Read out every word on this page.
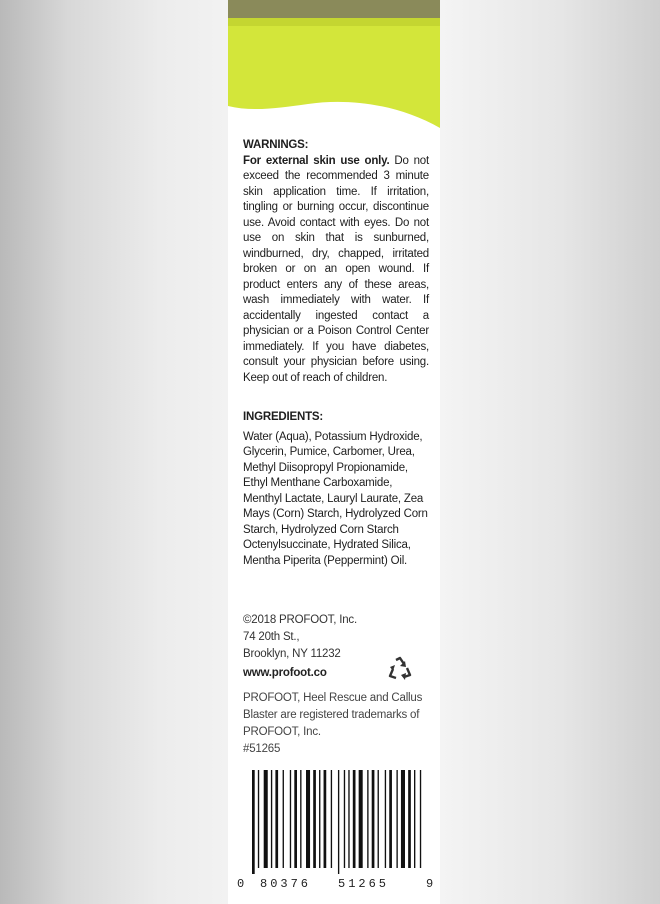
WARNINGS:
For external skin use only. Do not exceed the recommended 3 minute skin application time. If irritation, tingling or burning occur, discontinue use. Avoid contact with eyes. Do not use on skin that is sunburned, windburned, dry, chapped, irritated broken or on an open wound. If product enters any of these areas, wash immediately with water. If accidentally ingested contact a physician or a Poison Control Center immediately. If you have diabetes, consult your physician before using. Keep out of reach of children.
INGREDIENTS:
Water (Aqua), Potassium Hydroxide, Glycerin, Pumice, Carbomer, Urea, Methyl Diisopropyl Propionamide, Ethyl Menthane Carboxamide, Menthyl Lactate, Lauryl Laurate, Zea Mays (Corn) Starch, Hydrolyzed Corn Starch, Hydrolyzed Corn Starch Octenylsuccinate, Hydrated Silica, Mentha Piperita (Peppermint) Oil.
©2018 PROFOOT, Inc.
74 20th St.,
Brooklyn, NY 11232
www.profoot.co
PROFOOT, Heel Rescue and Callus Blaster are registered trademarks of PROFOOT, Inc.
#51265
0 80376 51265	9
